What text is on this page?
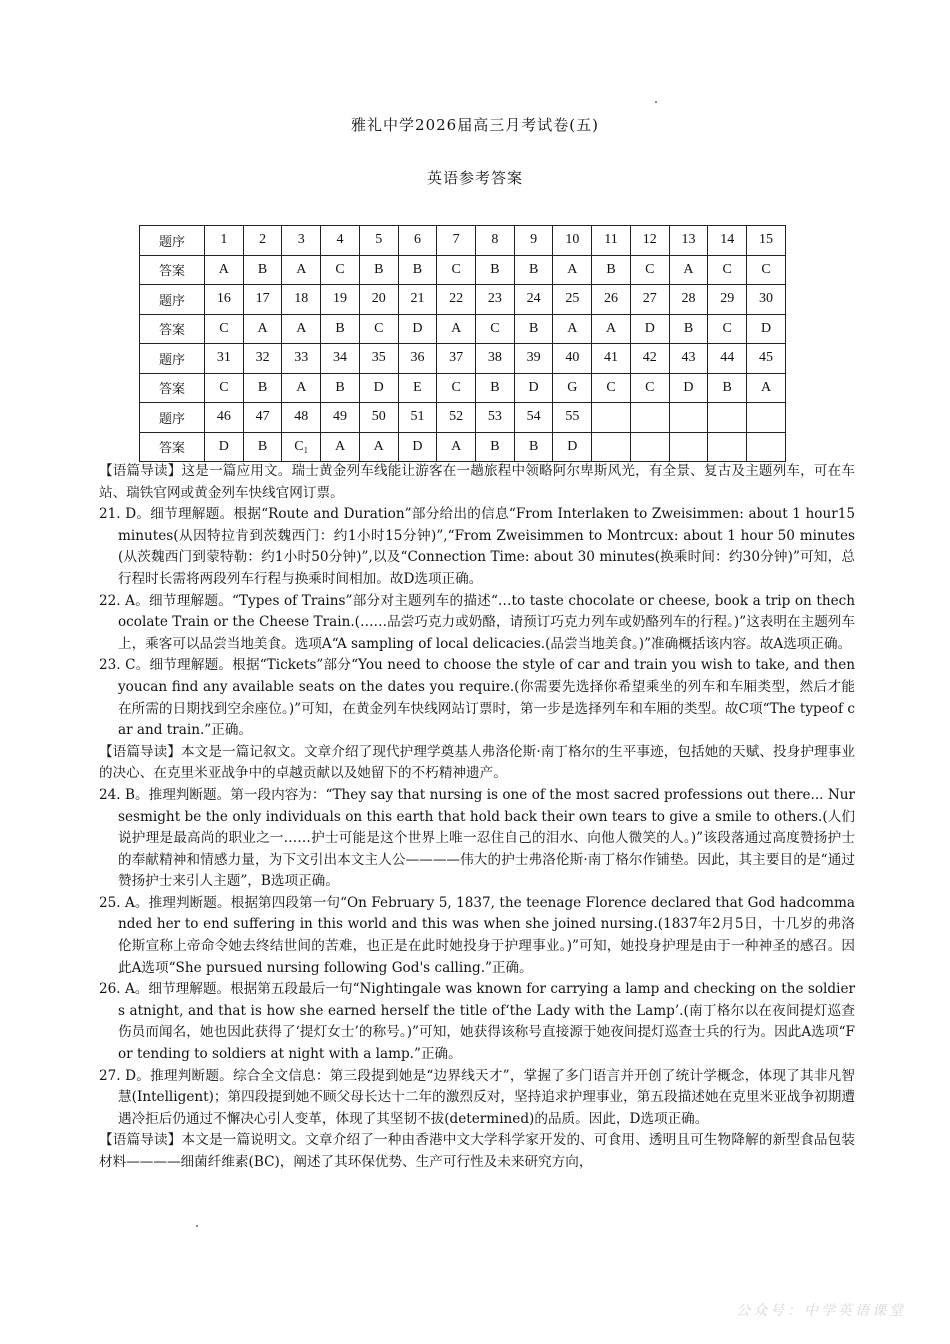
雅礼中学2026届高三月考试卷(五)
英语参考答案
题序	1	2	3	4	5	6	7	8	9	10	11	12	13	14	15
答案	A	B	A	C	B	B	C	B	B	A	B	C	A	C	C
题序	16	17	18	19	20	21	22	23	24	25	26	27	28	29	30
答案	C	A	A	B	C	D	A	C	B	A	A	D	B	C	D
题序	31	32	33	34	35	36	37	38	39	40	41	42	43	44	45
答案	C	B	A	B	D	E	C	B	D	G	C	C	D	B	A
题序	46	47	48	49	50	51	52	53	54	55					
答案	D	B	C₁	A	A	D	A	B	B	D					

【语篇导读】这是一篇应用文。瑞士黄金列车线能让游客在一趟旅程中领略阿尔卑斯风光，有全景、复古及主题列车，可在车站、瑞铁官网或黄金列车快线官网订票。

21. D。细节理解题。根据“Route and Duration”部分给出的信息“From Interlaken to Zweisimmen: about 1 hour15 minutes(从因特拉肯到茨魏西门：约1小时15分钟)”,“From Zweisimmen to Montrcux: about 1 hour 50 minutes(从茨魏西门到蒙特勒：约1小时50分钟)”,以及“Connection Time: about 30 minutes(换乘时间：约30分钟)”可知，总行程时长需将两段列车行程与换乘时间相加。故D选项正确。

22. A。细节理解题。“Types of Trains”部分对主题列车的描述“…to taste chocolate or cheese, book a trip on thechocolate Train or the Cheese Train.(……品尝巧克力或奶酪，请预订巧克力列车或奶酪列车的行程。)”这表明在主题列车上，乘客可以品尝当地美食。选项A“A sampling of local delicacies.(品尝当地美食。)”准确概括该内容。故A选项正确。

23. C。细节理解题。根据“Tickets”部分“You need to choose the style of car and train you wish to take, and then youcan find any available seats on the dates you require.(你需要先选择你希望乘坐的列车和车厢类型，然后才能在所需的日期找到空余座位。)”可知，在黄金列车快线网站订票时，第一步是选择列车和车厢的类型。故C项“The typeof car and train.”正确。

【语篇导读】本文是一篇记叙文。文章介绍了现代护理学奠基人弗洛伦斯·南丁格尔的生平事迹，包括她的天赋、投身护理事业的决心、在克里米亚战争中的卓越贡献以及她留下的不朽精神遗产。

24. B。推理判断题。第一段内容为：“They say that nursing is one of the most sacred professions out there... Nursesmight be the only individuals on this earth that hold back their own tears to give a smile to others.(人们说护理是最高尚的职业之一……护士可能是这个世界上唯一忍住自己的泪水、向他人微笑的人。)”该段落通过高度赞扬护士的奉献精神和情感力量，为下文引出本文主人公————伟大的护士弗洛伦斯·南丁格尔作铺垫。因此，其主要目的是“通过赞扬护士来引人主题”，B选项正确。

25. A。推理判断题。根据第四段第一句“On February 5, 1837, the teenage Florence declared that God hadcommanded her to end suffering in this world and this was when she joined nursing.(1837年2月5日，十几岁的弗洛伦斯宣称上帝命令她去终结世间的苦难，也正是在此时她投身于护理事业。)”可知，她投身护理是由于一种神圣的感召。因此A选项“She pursued nursing following God's calling.”正确。

26. A。细节理解题。根据第五段最后一句“Nightingale was known for carrying a lamp and checking on the soldiers atnight, and that is how she earned herself the title of‘the Lady with the Lamp’.(南丁格尔以在夜间提灯巡查伤员而闻名，她也因此获得了‘提灯女士’的称号。)”可知，她获得该称号直接源于她夜间提灯巡查士兵的行为。因此A选项“For tending to soldiers at night with a lamp.”正确。

27. D。推理判断题。综合全文信息：第三段提到她是“边界线天才”，掌握了多门语言并开创了统计学概念，体现了其非凡智慧(Intelligent)；第四段提到她不顾父母长达十二年的激烈反对，坚持追求护理事业，第五段描述她在克里米亚战争初期遭遇冷拒后仍通过不懈决心引人变革，体现了其坚韧不拔(determined)的品质。因此，D选项正确。

【语篇导读】本文是一篇说明文。文章介绍了一种由香港中文大学科学家开发的、可食用、透明且可生物降解的新型食品包装材料————细菌纤维素(BC)，阐述了其环保优势、生产可行性及未来研究方向，

公众号：中学英语课堂
